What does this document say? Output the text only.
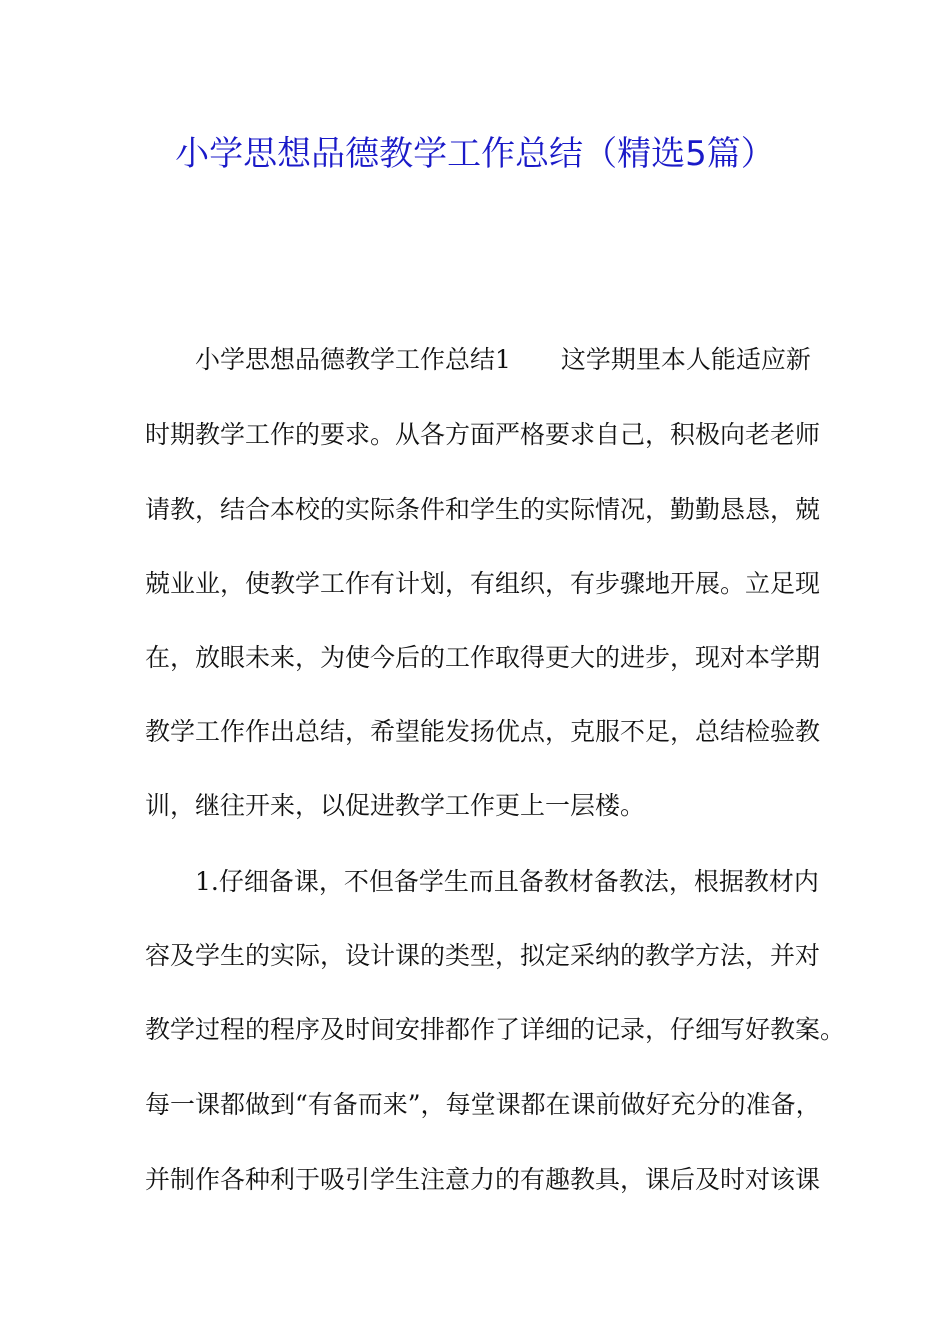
小学思想品德教学工作总结（精选5篇）
小学思想品德教学工作总结1　　这学期里本人能适应新
时期教学工作的要求。从各方面严格要求自己，积极向老老师
请教，结合本校的实际条件和学生的实际情况，勤勤恳恳，兢
兢业业，使教学工作有计划，有组织，有步骤地开展。立足现
在，放眼未来，为使今后的工作取得更大的进步，现对本学期
教学工作作出总结，希望能发扬优点，克服不足，总结检验教
训，继往开来，以促进教学工作更上一层楼。
1.仔细备课，不但备学生而且备教材备教法，根据教材内
容及学生的实际，设计课的类型，拟定采纳的教学方法，并对
教学过程的程序及时间安排都作了详细的记录，仔细写好教案。
每一课都做到“有备而来”，每堂课都在课前做好充分的准备，
并制作各种利于吸引学生注意力的有趣教具，课后及时对该课
